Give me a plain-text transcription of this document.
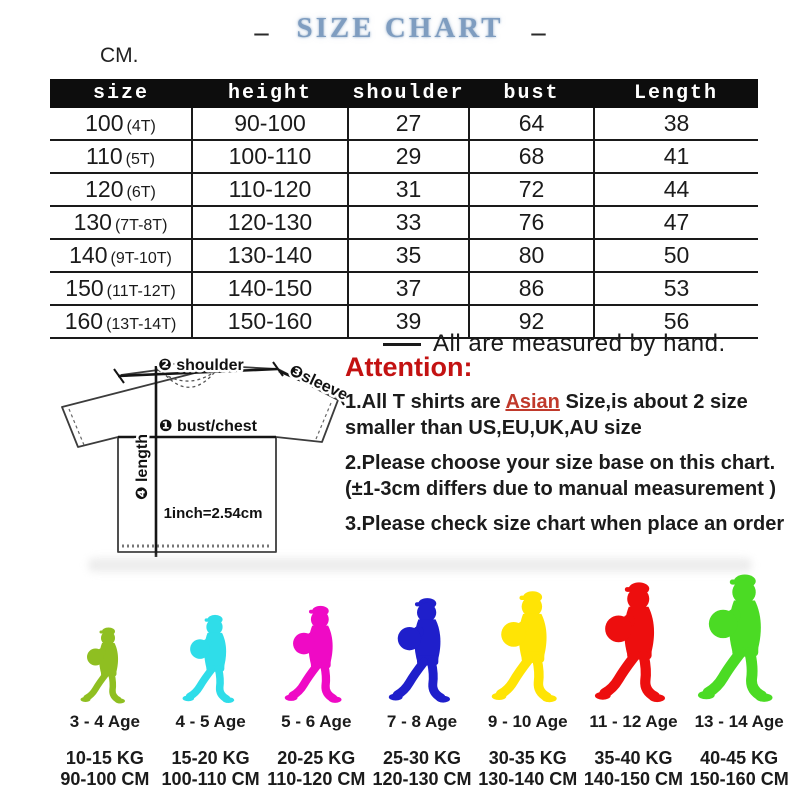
– SIZE CHART –
CM.
size	height	shoulder	bust	Length
100 (4T)	90-100	27	64	38
110 (5T)	100-110	29	68	41
120 (6T)	110-120	31	72	44
130 (7T-8T)	120-130	33	76	47
140 (9T-10T)	130-140	35	80	50
150 (11T-12T)	140-150	37	86	53
160 (13T-14T)	150-160	39	92	56
All are measured by hand.
❷ shoulder	❸sleeve
❶ bust/chest
❹ length
1inch=2.54cm
Attention:

1.All T shirts are Asian Size,is about 2 size smaller than US,EU,UK,AU size

2.Please choose your size base on this chart.(±1-3cm differs due to manual measurement )

3.Please check size chart when place an order

3 - 4 Age
10-15 KG
90-100 CM
4 - 5 Age
15-20 KG
100-110 CM
5 - 6 Age
20-25 KG
110-120 CM
7 - 8 Age
25-30 KG
120-130 CM
9 - 10 Age
30-35 KG
130-140 CM
11 - 12 Age
35-40 KG
140-150 CM
13 - 14 Age
40-45 KG
150-160 CM
